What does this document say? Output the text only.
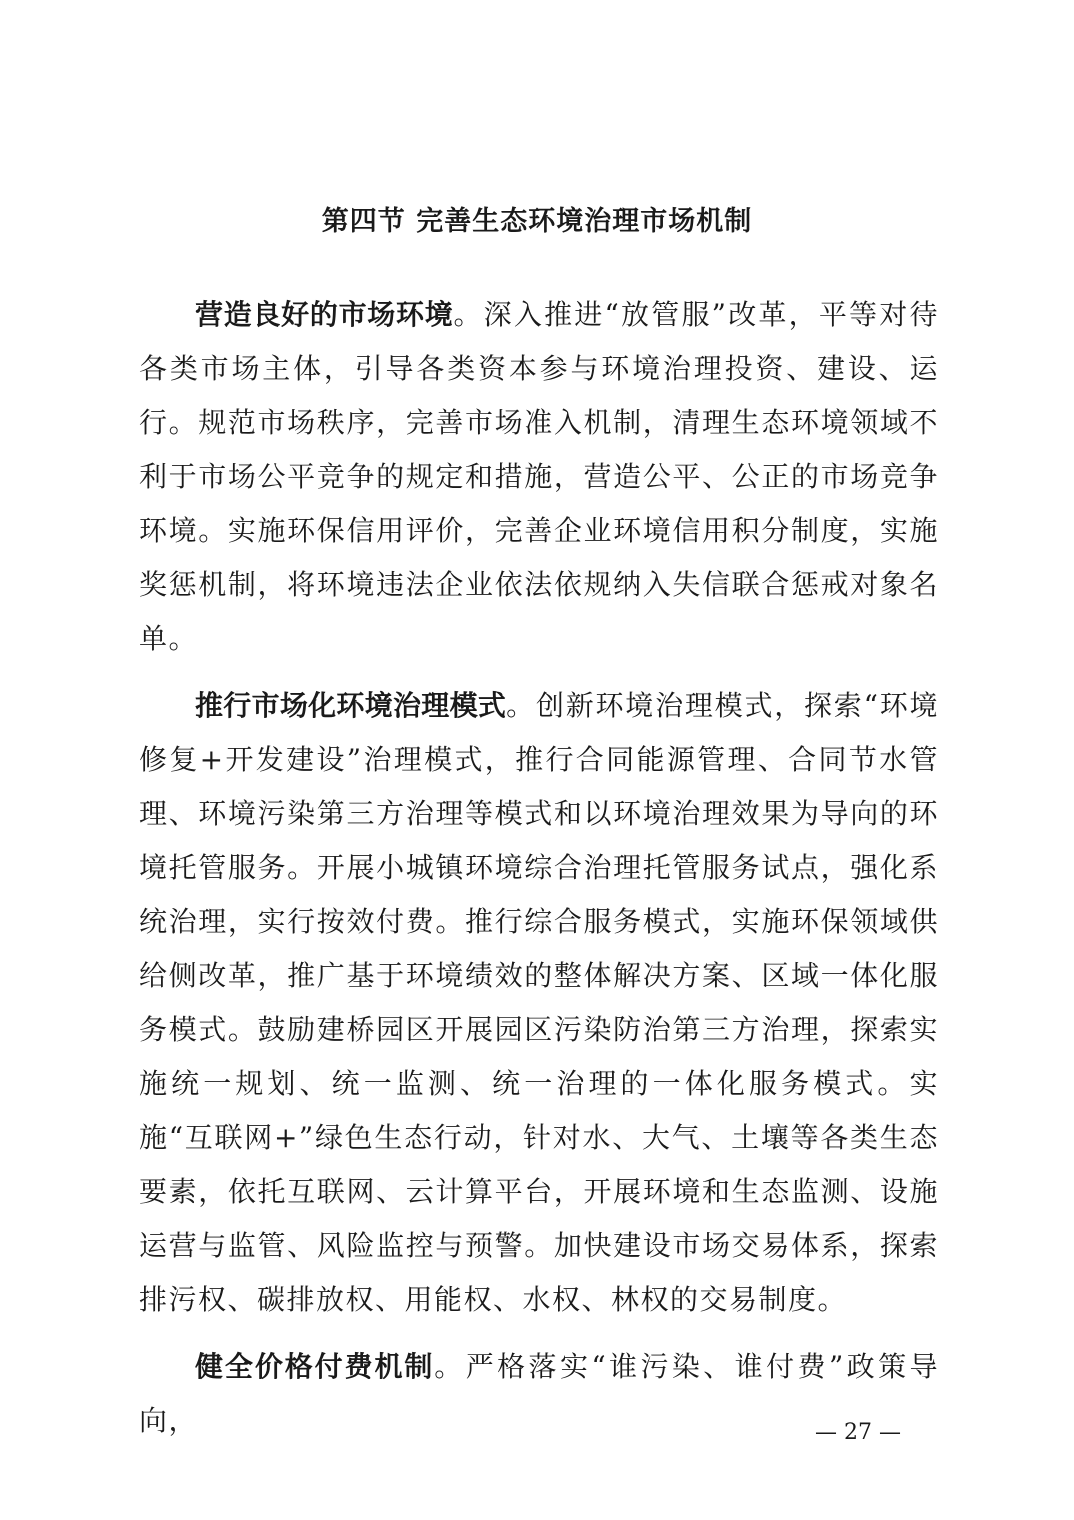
第四节 完善生态环境治理市场机制

营造良好的市场环境。深入推进“放管服”改革，平等对待各类市场主体，引导各类资本参与环境治理投资、建设、运行。规范市场秩序，完善市场准入机制，清理生态环境领域不利于市场公平竞争的规定和措施，营造公平、公正的市场竞争环境。实施环保信用评价，完善企业环境信用积分制度，实施奖惩机制，将环境违法企业依法依规纳入失信联合惩戒对象名单。

推行市场化环境治理模式。创新环境治理模式，探索“环境修复+开发建设”治理模式，推行合同能源管理、合同节水管理、环境污染第三方治理等模式和以环境治理效果为导向的环境托管服务。开展小城镇环境综合治理托管服务试点，强化系统治理，实行按效付费。推行综合服务模式，实施环保领域供给侧改革，推广基于环境绩效的整体解决方案、区域一体化服务模式。鼓励建桥园区开展园区污染防治第三方治理，探索实施统一规划、统一监测、统一治理的一体化服务模式。实施“互联网+”绿色生态行动，针对水、大气、土壤等各类生态要素，依托互联网、云计算平台，开展环境和生态监测、设施运营与监管、风险监控与预警。加快建设市场交易体系，探索排污权、碳排放权、用能权、水权、林权的交易制度。

健全价格付费机制。严格落实“谁污染、谁付费”政策导向，	— 27 —
